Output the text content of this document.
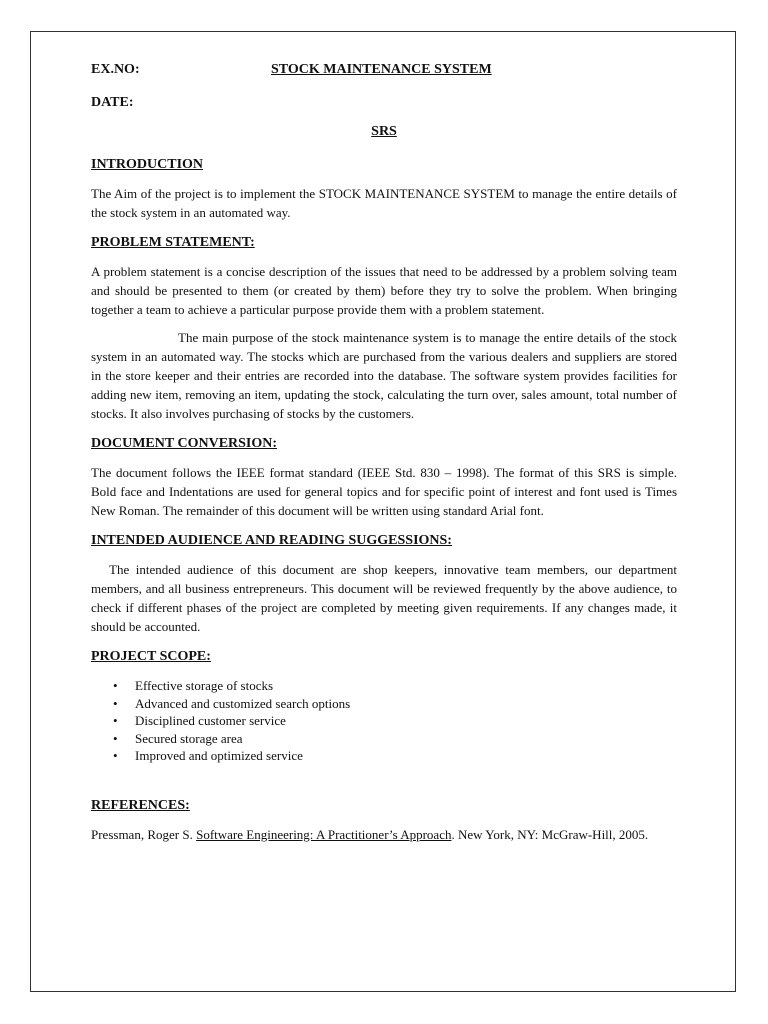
EX.NO:	STOCK MAINTENANCE SYSTEM
DATE:
SRS
INTRODUCTION

The Aim of the project is to implement the STOCK MAINTENANCE SYSTEM to manage the entire details of the stock system in an automated way.

PROBLEM STATEMENT:

A problem statement is a concise description of the issues that need to be addressed by a problem solving team and should be presented to them (or created by them) before they try to solve the problem. When bringing together a team to achieve a particular purpose provide them with a problem statement.

The main purpose of the stock maintenance system is to manage the entire details of the stock system in an automated way. The stocks which are purchased from the various dealers and suppliers are stored in the store keeper and their entries are recorded into the database. The software system provides facilities for adding new item, removing an item, updating the stock, calculating the turn over, sales amount, total number of stocks. It also involves purchasing of stocks by the customers.

DOCUMENT CONVERSION:

The document follows the IEEE format standard (IEEE Std. 830 – 1998). The format of this SRS is simple. Bold face and Indentations are used for general topics and for specific point of interest and font used is Times New Roman. The remainder of this document will be written using standard Arial font.

INTENDED AUDIENCE AND READING SUGGESSIONS:

The intended audience of this document are shop keepers, innovative team members, our department members, and all business entrepreneurs. This document will be reviewed frequently by the above audience, to check if different phases of the project are completed by meeting given requirements. If any changes made, it should be accounted.

PROJECT SCOPE:
• Effective storage of stocks
• Advanced and customized search options
• Disciplined customer service
• Secured storage area
• Improved and optimized service
REFERENCES:
Pressman, Roger S. Software Engineering: A Practitioner’s Approach. New York, NY: McGraw-Hill, 2005.
